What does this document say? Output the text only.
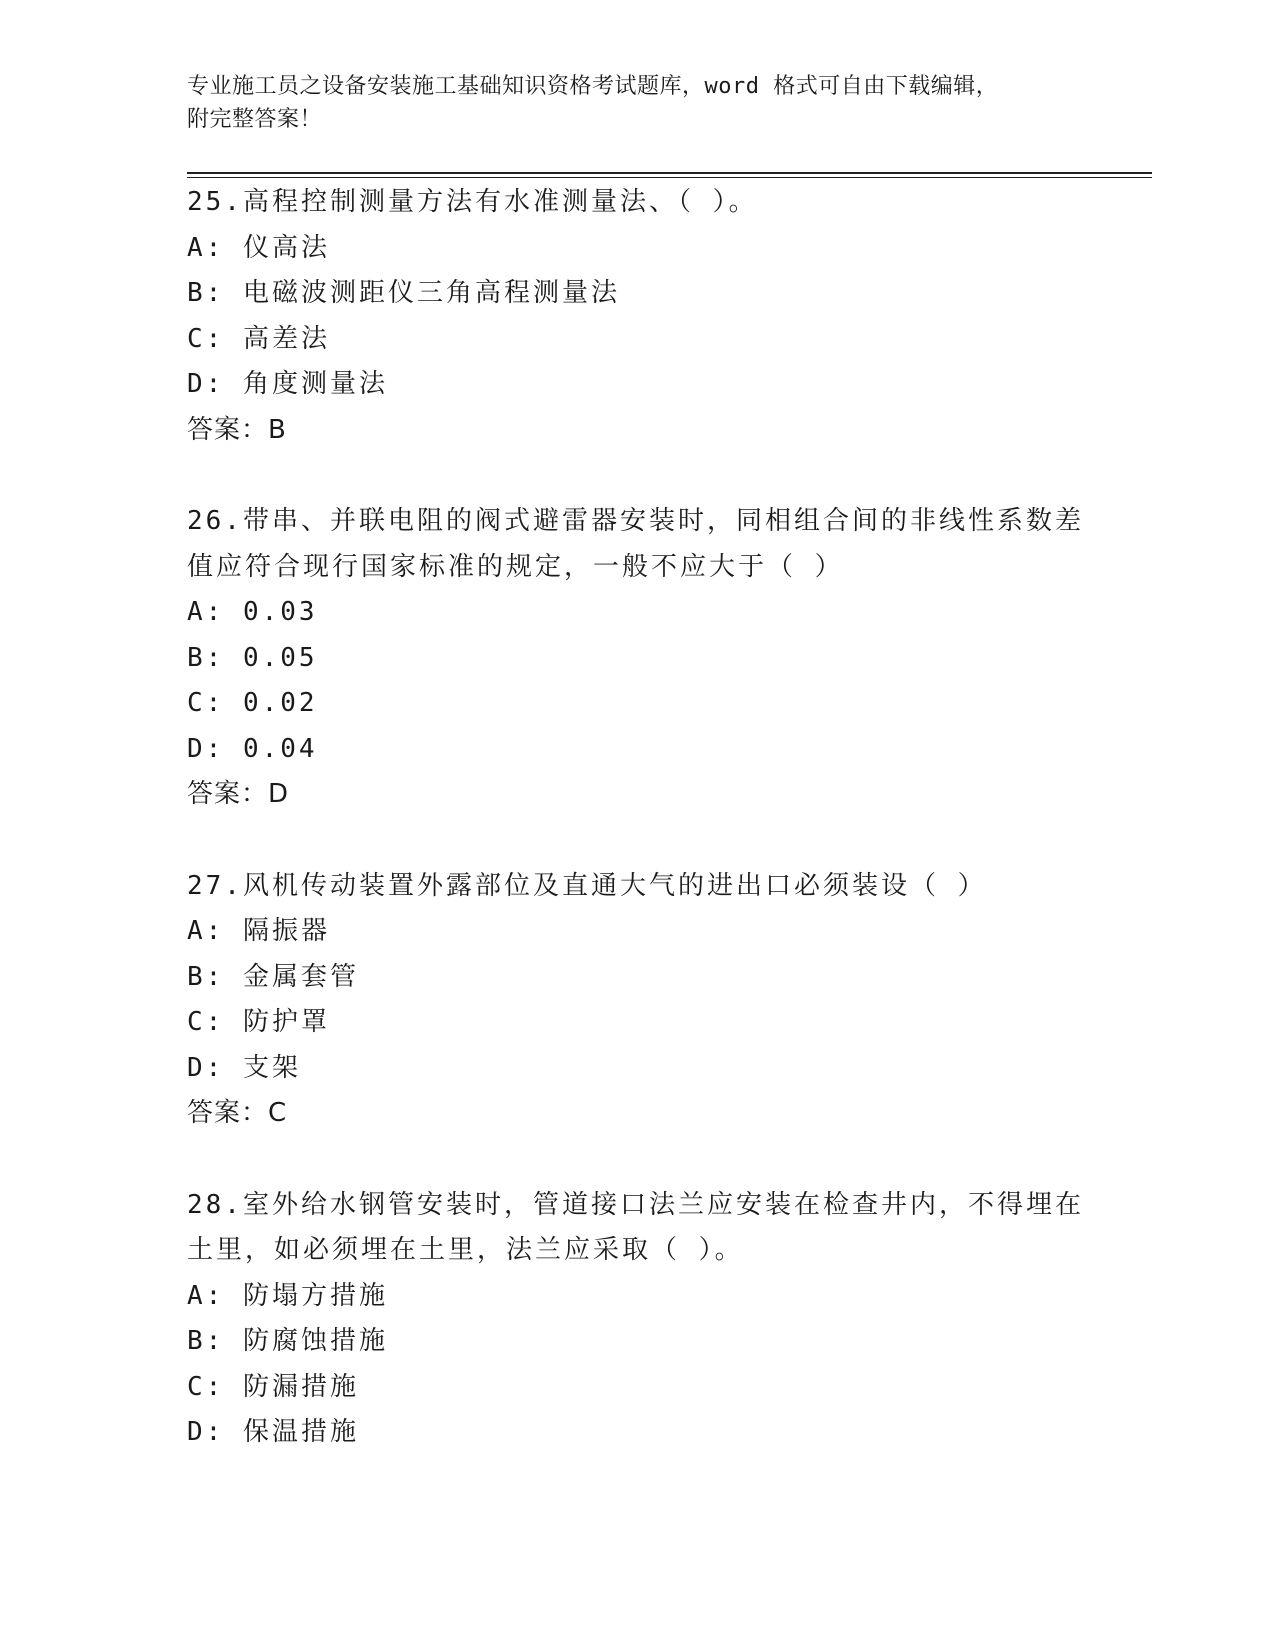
专业施工员之设备安装施工基础知识资格考试题库，word 格式可自由下载编辑，

附完整答案！

25.高程控制测量方法有水准测量法、（ ）。

A: 仪高法

B: 电磁波测距仪三角高程测量法

C: 高差法

D: 角度测量法

答案：B

26.带串、并联电阻的阀式避雷器安装时，同相组合间的非线性系数差

值应符合现行国家标准的规定，一般不应大于（ ）

A: 0.03

B: 0.05

C: 0.02

D: 0.04

答案：D

27.风机传动装置外露部位及直通大气的进出口必须装设（ ）

A: 隔振器

B: 金属套管

C: 防护罩

D: 支架

答案：C

28.室外给水钢管安装时，管道接口法兰应安装在检查井内，不得埋在

土里，如必须埋在土里，法兰应采取（ ）。

A: 防塌方措施

B: 防腐蚀措施

C: 防漏措施

D: 保温措施
